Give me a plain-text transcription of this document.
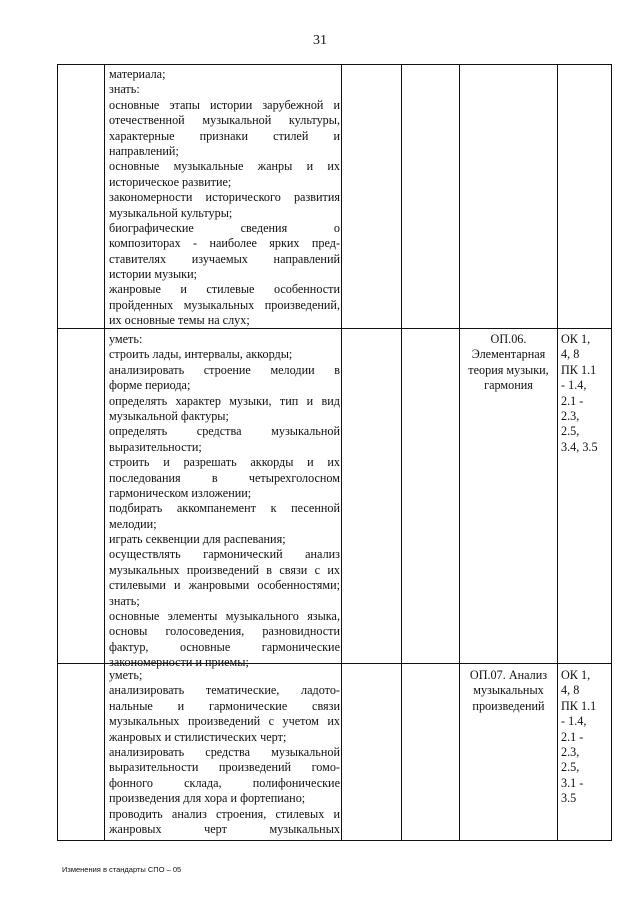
31
материала;
знать:
основные этапы истории зарубежной и
отечественной музыкальной культуры,
характерные признаки стилей и
направлений;
основные музыкальные жанры и их
историческое развитие;
закономерности исторического развития
музыкальной культуры;
биографические сведения о
композиторах - наиболее ярких пред-
ставителях изучаемых направлений
истории музыки;
жанровые и стилевые особенности
пройденных музыкальных произведений,
их основные темы на слух;
уметь:
строить лады, интервалы, аккорды;
анализировать строение мелодии в
форме периода;
определять характер музыки, тип и вид
музыкальной фактуры;
определять средства музыкальной
выразительности;
строить и разрешать аккорды и их
последования в четырехголосном
гармоническом изложении;
подбирать аккомпанемент к песенной
мелодии;
играть секвенции для распевания;
осуществлять гармонический анализ
музыкальных произведений в связи с их
стилевыми и жанровыми особенностями;
знать;
основные элементы музыкального языка,
основы голосоведения, разновидности
фактур, основные гармонические
закономерности и приемы;
ОП.06.
Элементарная
теория музыки,
гармония
ОК 1,
4, 8
ПК 1.1
- 1.4,
2.1 -
2.3,
2.5,
3.4, 3.5
уметь;
анализировать тематические, ладото-
нальные и гармонические связи
музыкальных произведений с учетом их
жанровых и стилистических черт;
анализировать средства музыкальной
выразительности произведений гомо-
фонного склада, полифонические
произведения для хора и фортепиано;
проводить анализ строения, стилевых и
жанровых черт музыкальных
ОП.07. Анализ
музыкальных
произведений
ОК 1,
4, 8
ПК 1.1
- 1.4,
2.1 -
2.3,
2.5,
3.1 -
3.5
Изменения в стандарты СПО – 05
